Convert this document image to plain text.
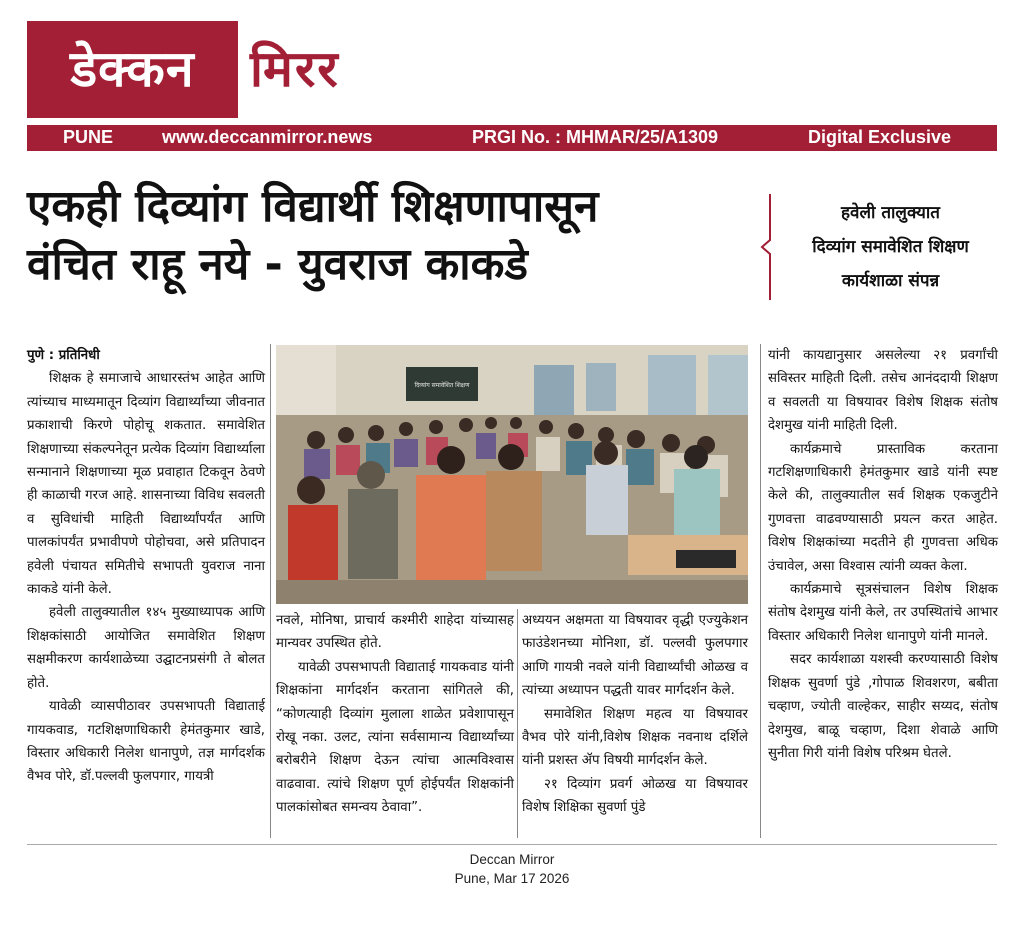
डेक्कन	मिरर
PUNE	www.deccanmirror.news	PRGI No. : MHMAR/25/A1309	Digital Exclusive
एकही दिव्यांग विद्यार्थी शिक्षणापासून
वंचित राहू नये - युवराज काकडे
हवेली तालुक्यात
दिव्यांग समावेशित शिक्षण
कार्यशाळा संपन्न

पुणे : प्रतिनिधी

शिक्षक हे समाजाचे आधारस्तंभ आहेत आणि त्यांच्याच माध्यमातून दिव्यांग विद्यार्थ्यांच्या जीवनात प्रकाशाची किरणे पोहोचू शकतात. समावेशित शिक्षणाच्या संकल्पनेतून प्रत्येक दिव्यांग विद्यार्थ्याला सन्मानाने शिक्षणाच्या मूळ प्रवाहात टिकवून ठेवणे ही काळाची गरज आहे. शासनाच्या विविध सवलती व सुविधांची माहिती विद्यार्थ्यांपर्यंत आणि पालकांपर्यंत प्रभावीपणे पोहोचवा, असे प्रतिपादन हवेली पंचायत समितीचे सभापती युवराज नाना काकडे यांनी केले.

हवेली तालुक्यातील १४५ मुख्याध्यापक आणि शिक्षकांसाठी आयोजित समावेशित शिक्षण सक्षमीकरण कार्यशाळेच्या उद्घाटनप्रसंगी ते बोलत होते.

यावेळी व्यासपीठावर उपसभापती विद्याताई गायकवाड, गटशिक्षणाधिकारी हेमंतकुमार खाडे, विस्तार अधिकारी निलेश धानापुणे, तज्ञ मार्गदर्शक वैभव पोरे, डॉ.पल्लवी फुलपगार, गायत्री

दिव्यांग समावेशित शिक्षण

नवले, मोनिषा, प्राचार्य कश्मीरी शाहेदा यांच्यासह मान्यवर उपस्थित होते.

यावेळी उपसभापती विद्याताई गायकवाड यांनी शिक्षकांना मार्गदर्शन करताना सांगितले की, “कोणत्याही दिव्यांग मुलाला शाळेत प्रवेशापासून रोखू नका. उलट, त्यांना सर्वसामान्य विद्यार्थ्यांच्या बरोबरीने शिक्षण देऊन त्यांचा आत्मविश्वास वाढवावा. त्यांचे शिक्षण पूर्ण होईपर्यंत शिक्षकांनी पालकांसोबत समन्वय ठेवावा”.

अध्ययन अक्षमता या विषयावर वृद्धी एज्युकेशन फाउंडेशनच्या मोनिशा, डॉ. पल्लवी फुलपगार आणि गायत्री नवले यांनी विद्यार्थ्यांची ओळख व त्यांच्या अध्यापन पद्धती यावर मार्गदर्शन केले.

समावेशित शिक्षण महत्व या विषयावर वैभव पोरे यांनी,विशेष शिक्षक नवनाथ दर्शिले यांनी प्रशस्त ॲप विषयी मार्गदर्शन केले.

२१ दिव्यांग प्रवर्ग ओळख या विषयावर विशेष शिक्षिका सुवर्णा पुंडे

यांनी कायद्यानुसार असलेल्या २१ प्रवर्गांची सविस्तर माहिती दिली. तसेच आनंददायी शिक्षण व सवलती या विषयावर विशेष शिक्षक संतोष देशमुख यांनी माहिती दिली.

कार्यक्रमाचे प्रास्ताविक करताना गटशिक्षणाधिकारी हेमंतकुमार खाडे यांनी स्पष्ट केले की, तालुक्यातील सर्व शिक्षक एकजुटीने गुणवत्ता वाढवण्यासाठी प्रयत्न करत आहेत. विशेष शिक्षकांच्या मदतीने ही गुणवत्ता अधिक उंचावेल, असा विश्वास त्यांनी व्यक्त केला.

कार्यक्रमाचे सूत्रसंचालन विशेष शिक्षक संतोष देशमुख यांनी केले, तर उपस्थितांचे आभार विस्तार अधिकारी निलेश धानापुणे यांनी मानले.

सदर कार्यशाळा यशस्वी करण्यासाठी विशेष शिक्षक सुवर्णा पुंडे ,गोपाळ शिवशरण, बबीता चव्हाण, ज्योती वाल्हेकर, साहीर सय्यद, संतोष देशमुख, बाळू चव्हाण, दिशा शेवाळे आणि सुनीता गिरी यांनी विशेष परिश्रम घेतले.

Deccan Mirror
Pune, Mar 17 2026
